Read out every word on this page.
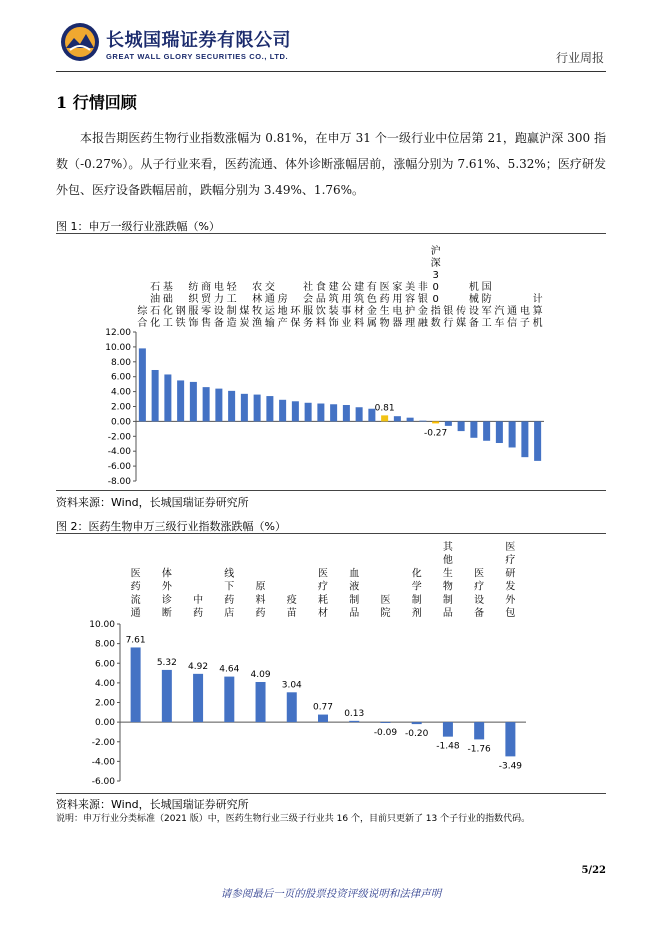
长城国瑞证券有限公司
GREAT WALL GLORY SECURITIES CO., LTD.	行业周报
1 行情回顾
本报告期医药生物行业指数涨幅为 0.81%，在申万 31 个一级行业中位居第 21，跑赢沪深 300 指数（-0.27%）。从子行业来看，医药流通、体外诊断涨幅居前，涨幅分别为 7.61%、5.32%；医疗研发外包、医疗设备跌幅居前，跌幅分别为 3.49%、1.76%。
图 1：申万一级行业涨跌幅（%）
12.00
10.00
8.00
6.00
4.00
2.00
0.00
-2.00
-4.00
-6.00
-8.00
综合
石油石化
基础化工
钢铁
纺织服饰
商贸零售
电力设备
轻工制造
煤炭
农林牧渔
交通运输
房地产
环保
社会服务
食品饮料
建筑装饰
公用事业
建筑材料
有色金属
医药生物
0.81
家用电器
美容护理
非银金融
沪深 3 0 0 指数
-0.27
银行
传媒
机械设备
国防军工
汽车
通信
电子
计算机
资料来源：Wind，长城国瑞证券研究所
图 2：医药生物申万三级行业指数涨跌幅（%）
10.00
8.00
6.00
4.00
2.00
0.00
-2.00
-4.00
-6.00
医药流通
7.61
体外诊断
5.32
中药
4.92
线下药店
4.64
原料药
4.09
疫苗
3.04
医疗耗材
0.77
血液制品
0.13
医院
-0.09
化学制剂
-0.20
其他生物制品
-1.48
医疗设备
-1.76
医疗研发外包
-3.49
资料来源：Wind，长城国瑞证券研究所
说明：申万行业分类标准（2021 版）中，医药生物行业三级子行业共 16 个，目前只更新了 13 个子行业的指数代码。
5/22
请参阅最后一页的股票投资评级说明和法律声明
